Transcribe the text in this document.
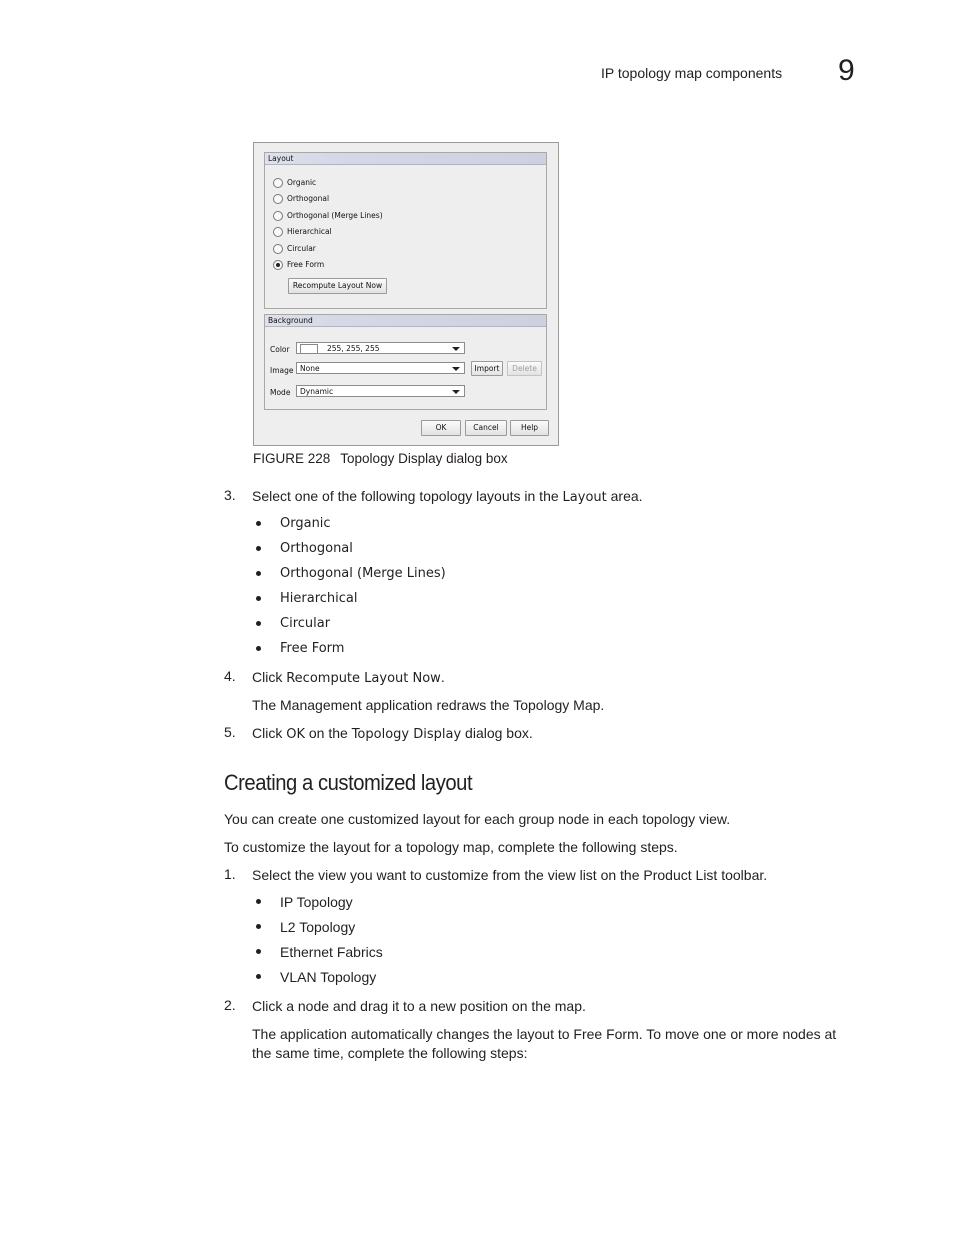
IP topology map components 9
Layout
Organic
Orthogonal
Orthogonal (Merge Lines)
Hierarchical
Circular
Free Form
Recompute Layout Now
Background
Color	255, 255, 255
Image None	Import	Delete
Mode	Dynamic
OK	Cancel	Help
FIGURE 228 Topology Display dialog box
3. Select one of the following topology layouts in the Layout area.
Organic
Orthogonal
Orthogonal (Merge Lines)
Hierarchical
Circular
Free Form
4. Click Recompute Layout Now.
The Management application redraws the Topology Map.
5. Click OK on the Topology Display dialog box.
Creating a customized layout
You can create one customized layout for each group node in each topology view.
To customize the layout for a topology map, complete the following steps.
1. Select the view you want to customize from the view list on the Product List toolbar.
IP Topology
L2 Topology
Ethernet Fabrics
VLAN Topology
2. Click a node and drag it to a new position on the map.
The application automatically changes the layout to Free Form. To move one or more nodes at
the same time, complete the following steps:
